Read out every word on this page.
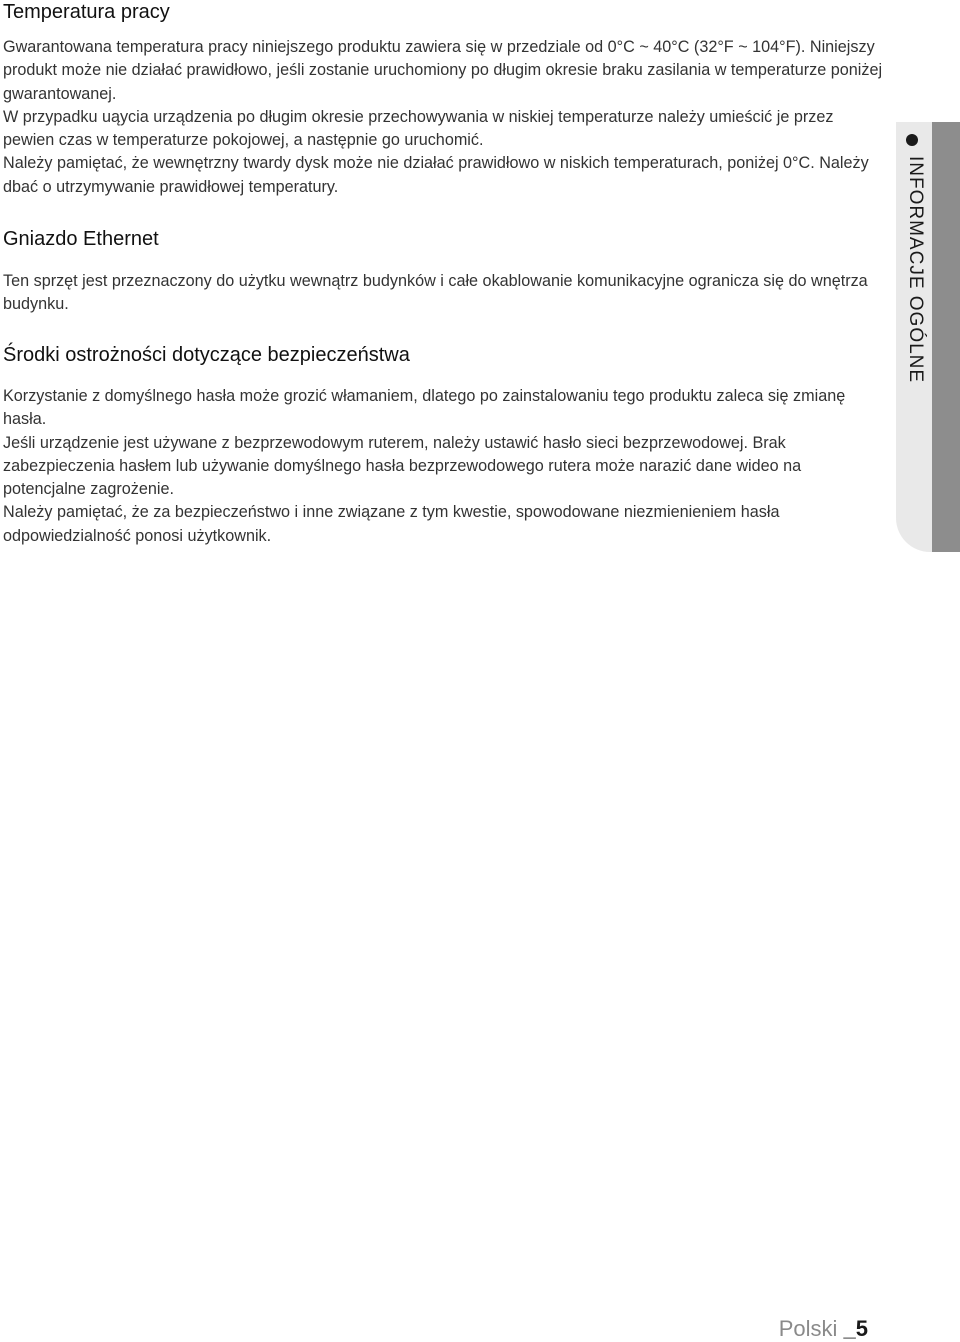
Temperatura pracy

Gwarantowana temperatura pracy niniejszego produktu zawiera się w przedziale od 0°C ~ 40°C (32°F ~ 104°F). Niniejszy produkt może nie działać prawidłowo, jeśli zostanie uruchomiony po długim okresie braku zasilania w temperaturze poniżej gwarantowanej.

W przypadku uąycia urządzenia po długim okresie przechowywania w niskiej temperaturze należy umieścić je przez pewien czas w temperaturze pokojowej, a następnie go uruchomić.

Należy pamiętać, że wewnętrzny twardy dysk może nie działać prawidłowo w niskich temperaturach, poniżej 0°C. Należy dbać o utrzymywanie prawidłowej temperatury.

Gniazdo Ethernet

Ten sprzęt jest przeznaczony do użytku wewnątrz budynków i całe okablowanie komunikacyjne ogranicza się do wnętrza budynku.

Środki ostrożności dotyczące bezpieczeństwa

Korzystanie z domyślnego hasła może grozić włamaniem, dlatego po zainstalowaniu tego produktu zaleca się zmianę hasła.

Jeśli urządzenie jest używane z bezprzewodowym ruterem, należy ustawić hasło sieci bezprzewodowej. Brak zabezpieczenia hasłem lub używanie domyślnego hasła bezprzewodowego rutera może narazić dane wideo na potencjalne zagrożenie.

Należy pamiętać, że za bezpieczeństwo i inne związane z tym kwestie, spowodowane niezmienieniem hasła odpowiedzialność ponosi użytkownik.

INFORMACJE OGÓLNE
Polski _5
